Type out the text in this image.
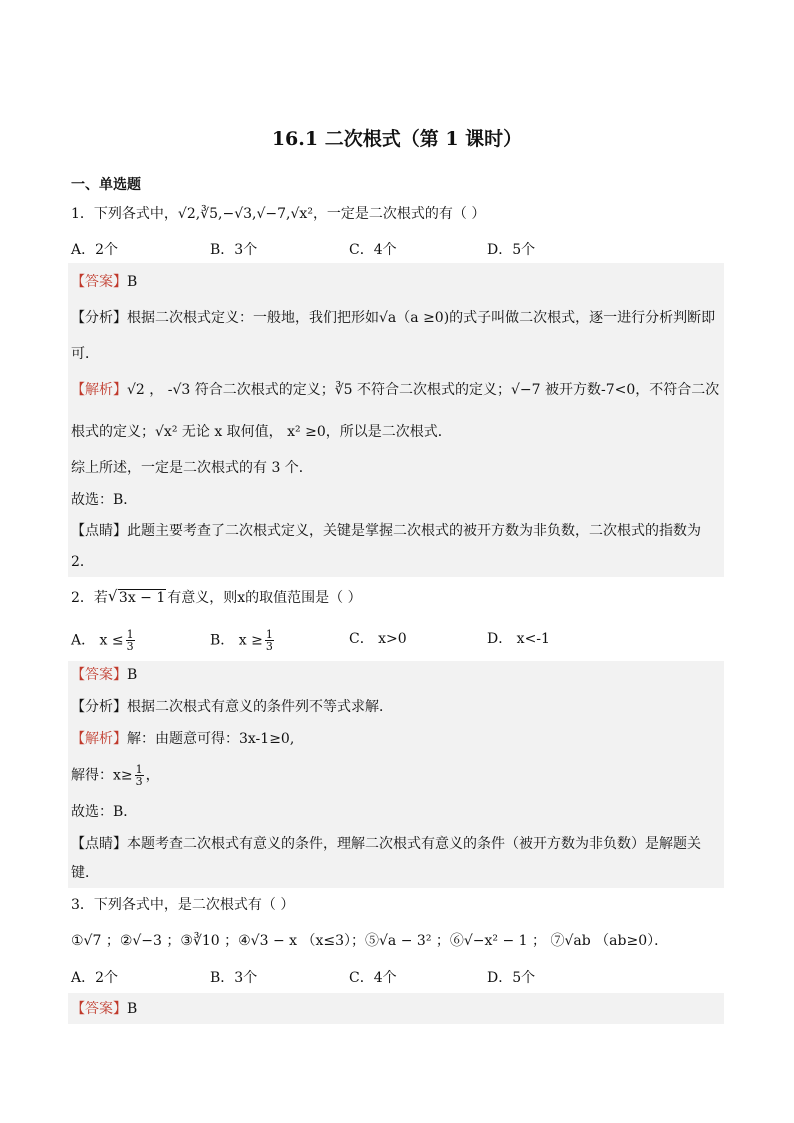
16.1 二次根式（第 1 课时）
一、单选题
1．下列各式中，√2,∛5,−√3,√−7,√x²，一定是二次根式的有（ ）
A．2个	B．3个	C．4个	D．5个
【答案】B
【分析】根据二次根式定义：一般地，我们把形如√a（a ≥0)的式子叫做二次根式，逐一进行分析判断即
可．
【解析】√2 ， -√3 符合二次根式的定义；∛5 不符合二次根式的定义；√−7 被开方数-7<0，不符合二次
根式的定义；√x² 无论 x 取何值， x² ≥0，所以是二次根式．
综上所述，一定是二次根式的有 3 个．
故选：B．
【点睛】此题主要考查了二次根式定义，关键是掌握二次根式的被开方数为非负数，二次根式的指数为
2．
2．若√ 3x − 1 有意义，则x的取值范围是（ ）
A． $x \le \frac{1}{3}$	B． $x \ge \frac{1}{3}$	C． x>0	D． x<-1
【答案】B
【分析】根据二次根式有意义的条件列不等式求解．
【解析】解：由题意可得：3x-1≥0,
解得：$x\ge \frac{1}{3}$ ，
故选：B．
【点睛】本题考查二次根式有意义的条件，理解二次根式有意义的条件（被开方数为非负数）是解题关
键．
3．下列各式中，是二次根式有（ ）
①√7 ；②√−3 ；③∛10 ；④√3 − x （x≤3）；⑤√a − 3² ；⑥√−x² − 1 ； ⑦√ab （ab≥0）．
A．2个	B．3个	C．4个	D．5个
【答案】B
